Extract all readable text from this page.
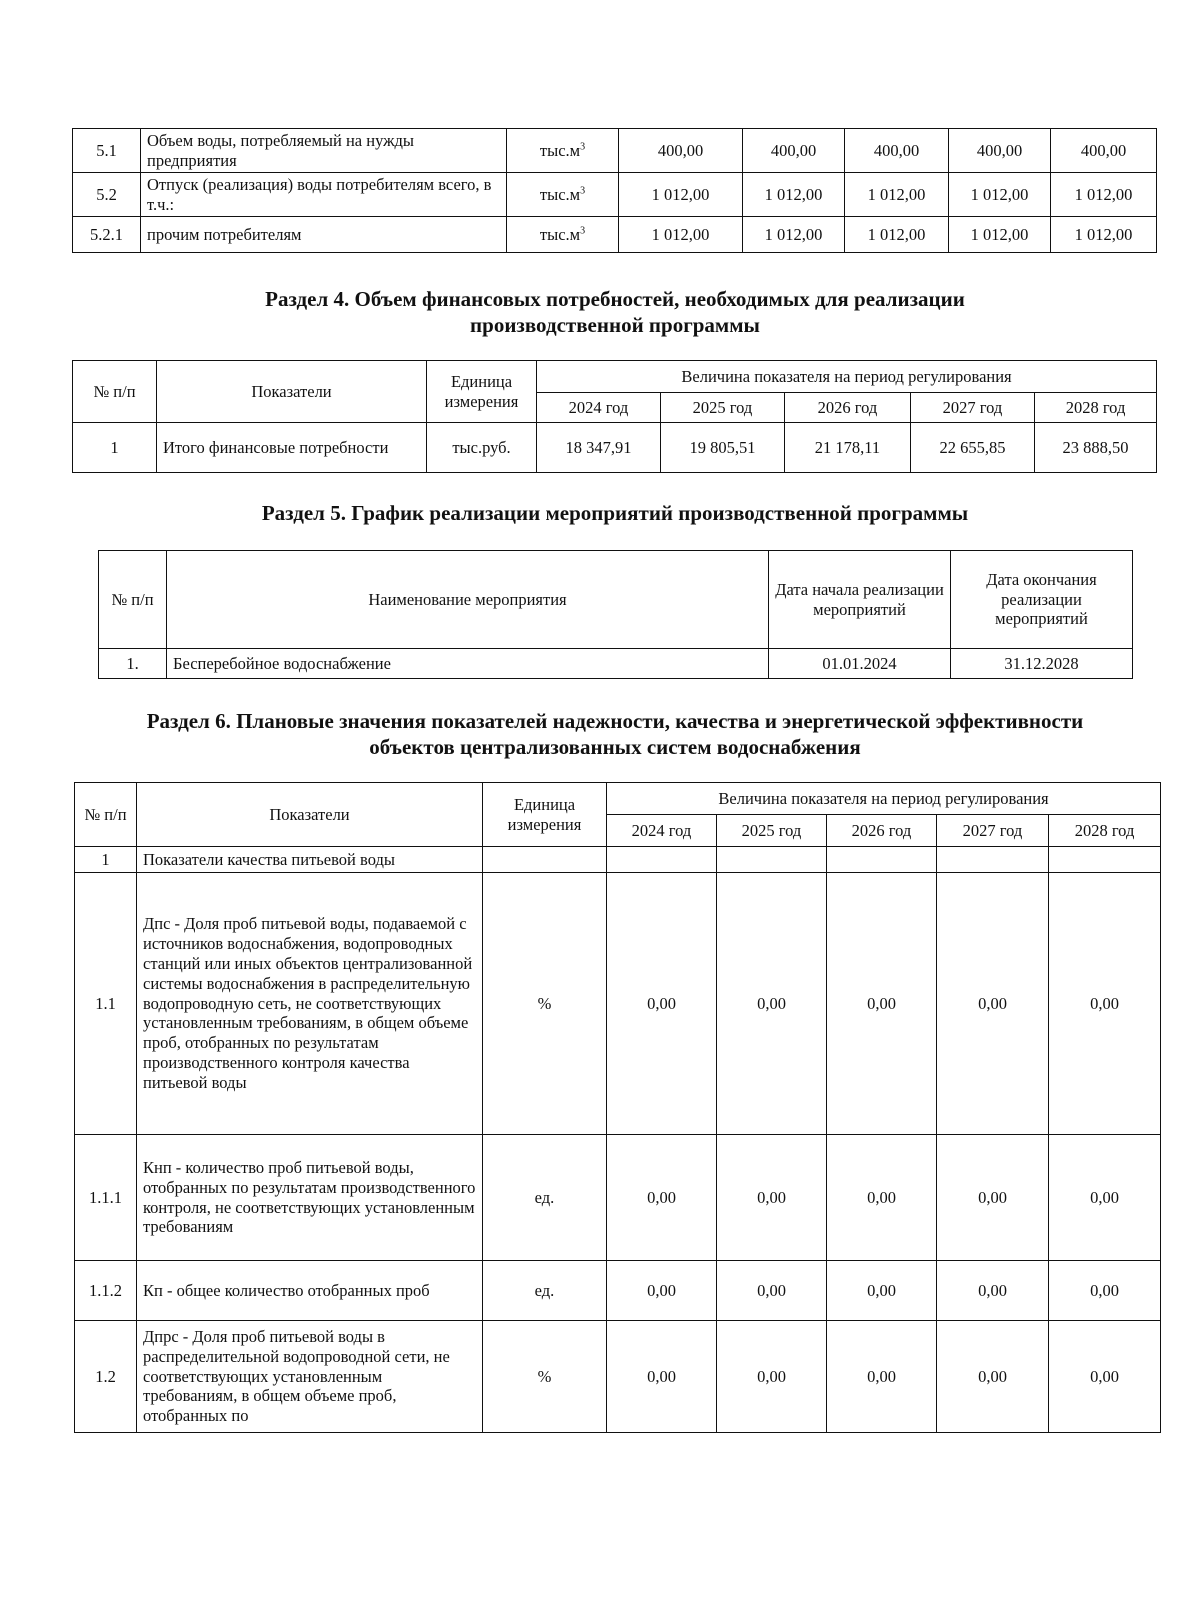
5.1	Объем воды, потребляемый на нужды предприятия	$тыс.м^3$	400,00	400,00	400,00	400,00	400,00
5.2	Отпуск (реализация) воды потребителям всего, в т.ч.:	$тыс.м^3$	1 012,00	1 012,00	1 012,00	1 012,00	1 012,00
5.2.1	прочим потребителям	$тыс.м^3$	1 012,00	1 012,00	1 012,00	1 012,00	1 012,00
Раздел 4. Объем финансовых потребностей, необходимых для реализации
производственной программы
№ п/п	Показатели	Единица измерения	Величина показателя на период регулирования				
			2024 год	2025 год	2026 год	2027 год	2028 год
1	Итого финансовые потребности	тыс.руб.	18 347,91	19 805,51	21 178,11	22 655,85	23 888,50
Раздел 5. График реализации мероприятий производственной программы
№ п/п	Наименование мероприятия	Дата начала реализации мероприятий	Дата окончания реализации мероприятий
1.	Бесперебойное водоснабжение	01.01.2024	31.12.2028
Раздел 6. Плановые значения показателей надежности, качества и энергетической эффективности
объектов централизованных систем водоснабжения
№ п/п	Показатели	Единица измерения	Величина показателя на период регулирования				
			2024 год	2025 год	2026 год	2027 год	2028 год
1	Показатели качества питьевой воды						
1.1	Дпс - Доля проб питьевой воды, подаваемой с источников водоснабжения, водопроводных станций или иных объектов централизованной системы водоснабжения в распределительную водопроводную сеть, не соответствующих установленным требованиям, в общем объеме проб, отобранных по результатам производственного контроля качества питьевой воды	%	0,00	0,00	0,00	0,00	0,00
1.1.1	Кнп - количество проб питьевой воды, отобранных по результатам производственного контроля, не соответствующих установленным требованиям	ед.	0,00	0,00	0,00	0,00	0,00
1.1.2	Кп - общее количество отобранных проб	ед.	0,00	0,00	0,00	0,00	0,00
1.2	Дпрс - Доля проб питьевой воды в распределительной водопроводной сети, не соответствующих установленным требованиям, в общем объеме проб, отобранных по	%	0,00	0,00	0,00	0,00	0,00
